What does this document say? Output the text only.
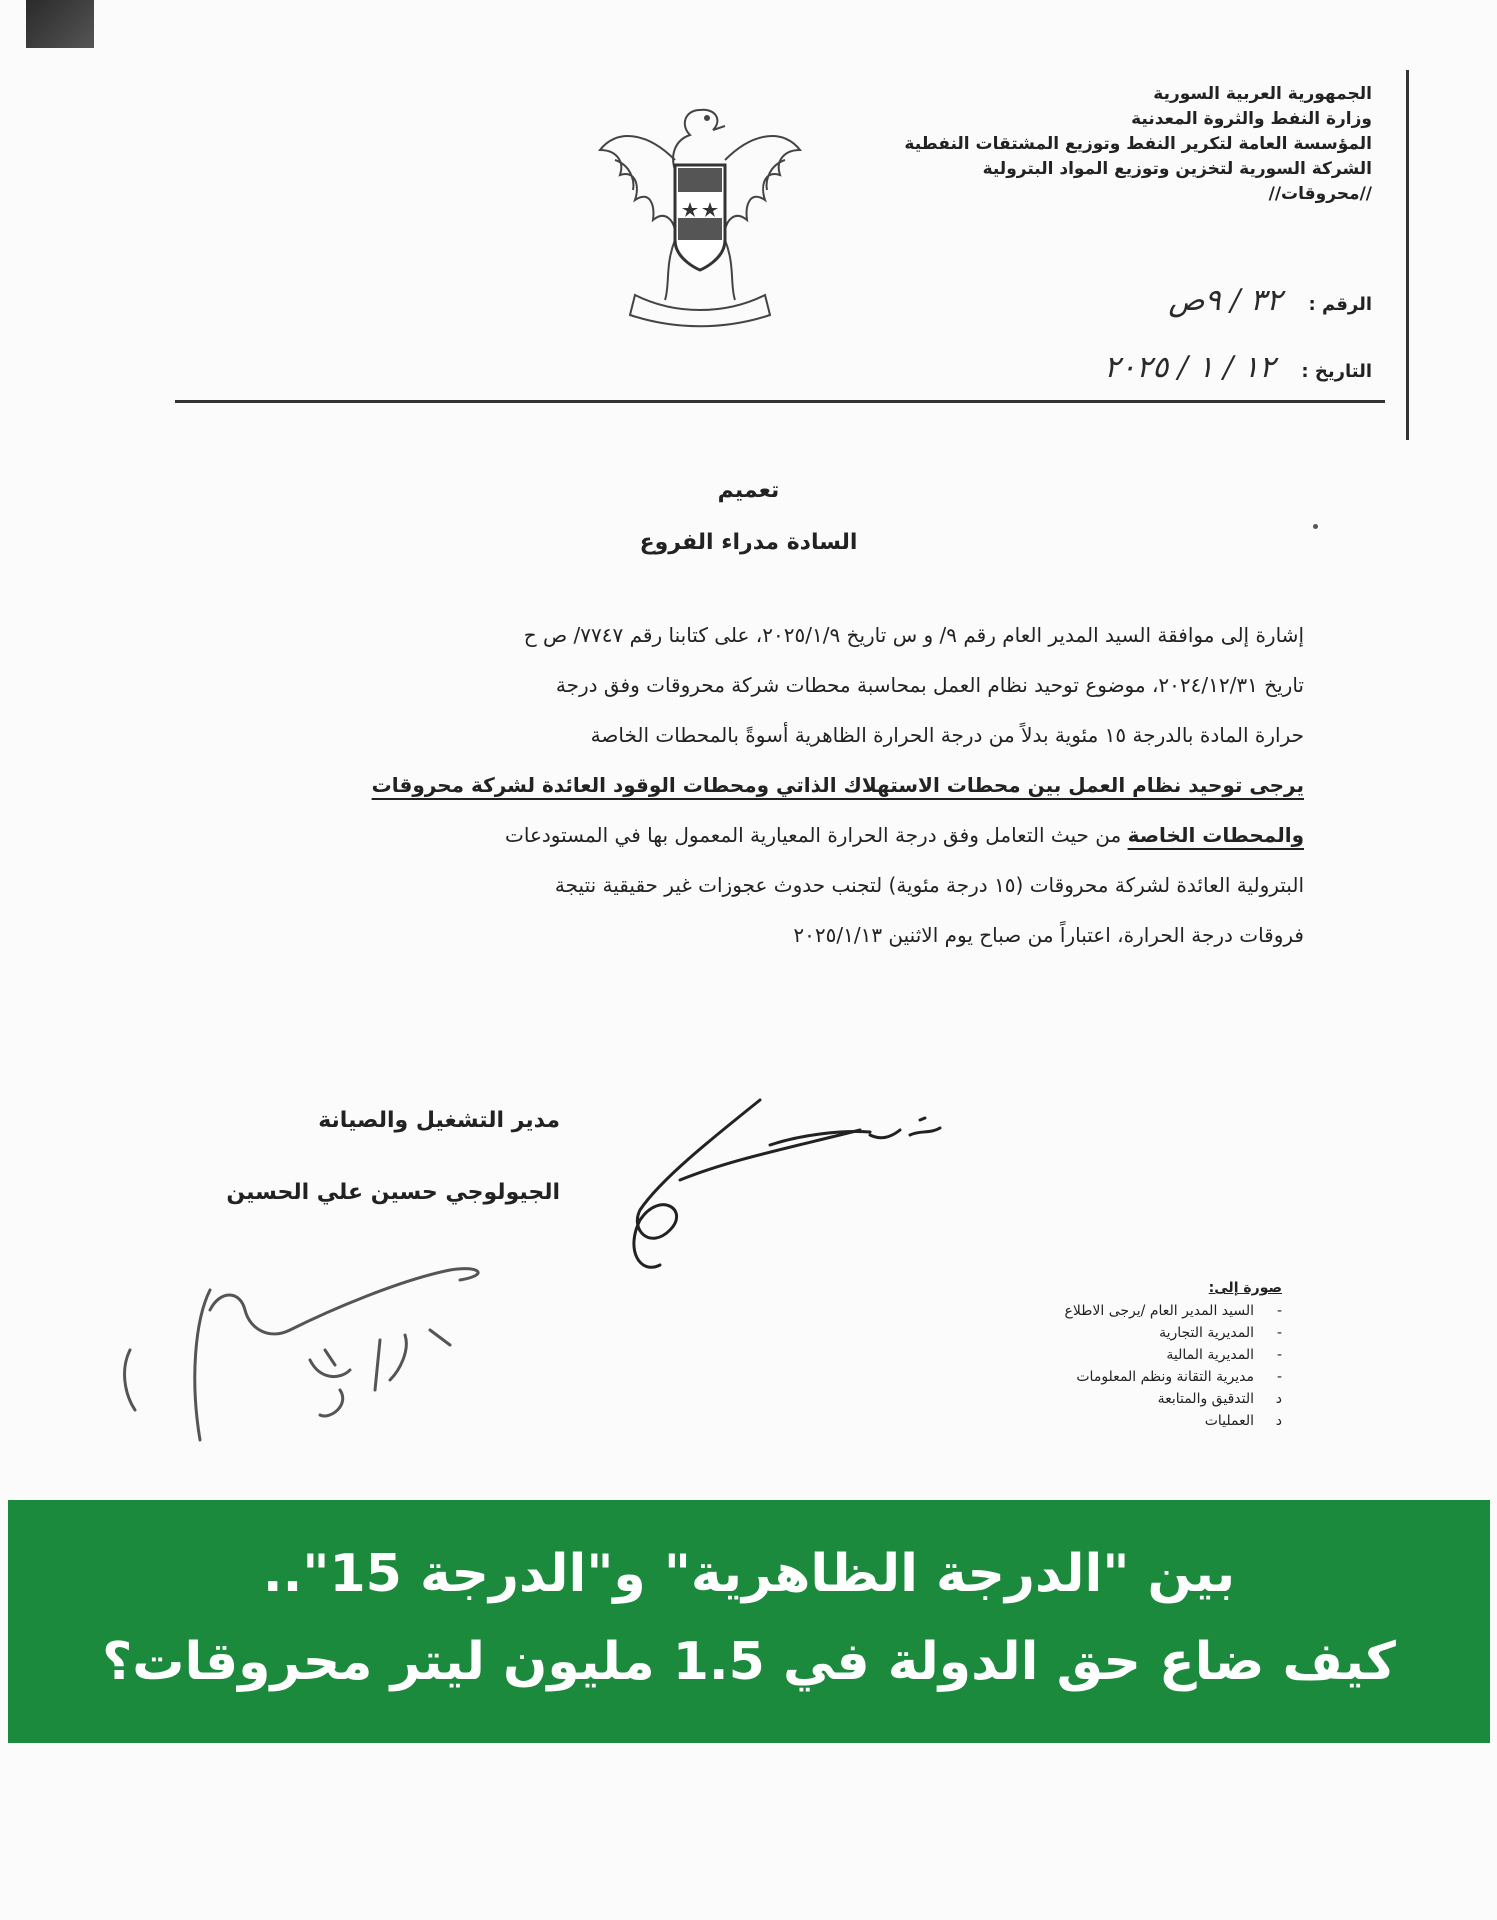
الجمهورية العربية السورية
وزارة النفط والثروة المعدنية
المؤسسة العامة لتكرير النفط وتوزيع المشتقات النفطية
الشركة السورية لتخزين وتوزيع المواد البترولية
//محروقات//
الرقم : ٣٢ / ٩ص
التاريخ : ١٢ / ١ / ٢٠٢٥
تعميم
السادة مدراء الفروع

إشارة إلى موافقة السيد المدير العام رقم ٩/ و س تاريخ ٢٠٢٥/١/٩، على كتابنا رقم ٧٧٤٧/ ص ح

تاريخ ٢٠٢٤/١٢/٣١، موضوع توحيد نظام العمل بمحاسبة محطات شركة محروقات وفق درجة

حرارة المادة بالدرجة ١٥ مئوية بدلاً من درجة الحرارة الظاهرية أسوةً بالمحطات الخاصة

يرجى توحيد نظام العمل بين محطات الاستهلاك الذاتي ومحطات الوقود العائدة لشركة محروقات

والمحطات الخاصة من حيث التعامل وفق درجة الحرارة المعيارية المعمول بها في المستودعات

البترولية العائدة لشركة محروقات (١٥ درجة مئوية) لتجنب حدوث عجوزات غير حقيقية نتيجة

فروقات درجة الحرارة، اعتباراً من صباح يوم الاثنين ٢٠٢٥/١/١٣

مدير التشغيل والصيانة
الجيولوجي حسين علي الحسين
صورة إلى:
-السيد المدير العام /يرجى الاطلاع
-المديرية التجارية
-المديرية المالية
-مديرية التقانة ونظم المعلومات
دالتدقيق والمتابعة
دالعمليات
بين "الدرجة الظاهرية" و"الدرجة 15"..
كيف ضاع حق الدولة في 1.5 مليون ليتر محروقات؟
